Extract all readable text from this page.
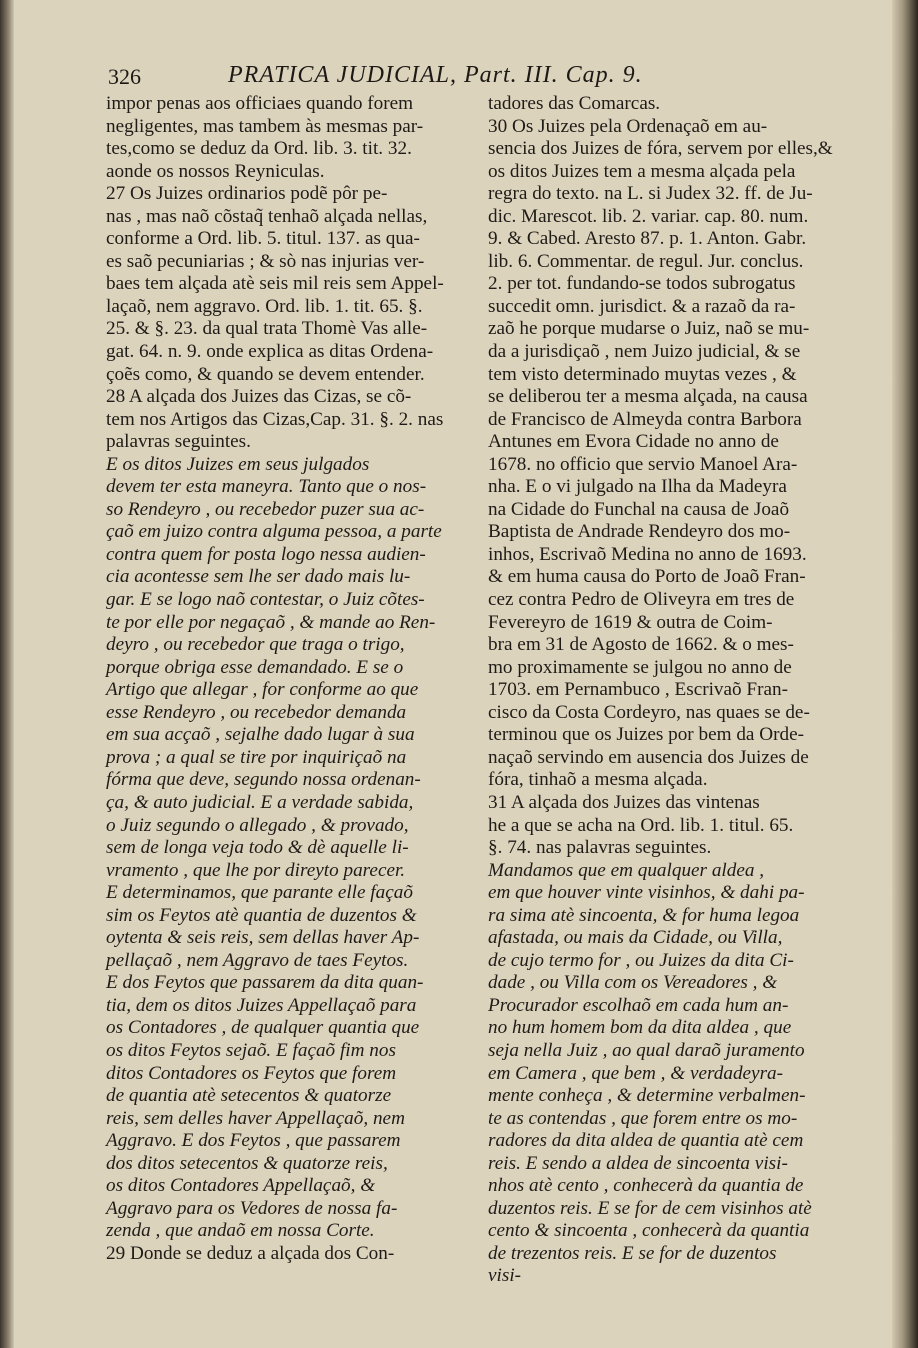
326	PRATICA JUDICIAL, Part. III. Cap. 9.
impor penas aos officiaes quando forem
negligentes, mas tambem às mesmas par-
tes,como se deduz da Ord. lib. 3. tit. 32.
aonde os nossos Reyniculas.
27 Os Juizes ordinarios podẽ pôr pe-
nas , mas naõ cõstaq̃ tenhaõ alçada nellas,
conforme a Ord. lib. 5. titul. 137. as qua-
es saõ pecuniarias ; & sò nas injurias ver-
baes tem alçada atè seis mil reis sem Appel-
laçaõ, nem aggravo. Ord. lib. 1. tit. 65. §.
25. & §. 23. da qual trata Thomè Vas alle-
gat. 64. n. 9. onde explica as ditas Ordena-
çoẽs como, & quando se devem entender.
28 A alçada dos Juizes das Cizas, se cõ-
tem nos Artigos das Cizas,Cap. 31. §. 2. nas
palavras seguintes.
E os ditos Juizes em seus julgados
devem ter esta maneyra. Tanto que o nos-
so Rendeyro , ou recebedor puzer sua ac-
çaõ em juizo contra alguma pessoa, a parte
contra quem for posta logo nessa audien-
cia acontesse sem lhe ser dado mais lu-
gar. E se logo naõ contestar, o Juiz cõtes-
te por elle por negaçaõ , & mande ao Ren-
deyro , ou recebedor que traga o trigo,
porque obriga esse demandado. E se o
Artigo que allegar , for conforme ao que
esse Rendeyro , ou recebedor demanda
em sua acçaõ , sejalhe dado lugar à sua
prova ; a qual se tire por inquiriçaõ na
fórma que deve, segundo nossa ordenan-
ça, & auto judicial. E a verdade sabida,
o Juiz segundo o allegado , & provado,
sem de longa veja todo & dè aquelle li-
vramento , que lhe por direyto parecer.
E determinamos, que parante elle façaõ
sim os Feytos atè quantia de duzentos &
oytenta & seis reis, sem dellas haver Ap-
pellaçaõ , nem Aggravo de taes Feytos.
E dos Feytos que passarem da dita quan-
tia, dem os ditos Juizes Appellaçaõ para
os Contadores , de qualquer quantia que
os ditos Feytos sejaõ. E façaõ fim nos
ditos Contadores os Feytos que forem
de quantia atè setecentos & quatorze
reis, sem delles haver Appellaçaõ, nem
Aggravo. E dos Feytos , que passarem
dos ditos setecentos & quatorze reis,
os ditos Contadores Appellaçaõ, &
Aggravo para os Vedores de nossa fa-
zenda , que andaõ em nossa Corte.
29 Donde se deduz a alçada dos Con-
tadores das Comarcas.
30 Os Juizes pela Ordenaçaõ em au-
sencia dos Juizes de fóra, servem por elles,&
os ditos Juizes tem a mesma alçada pela
regra do texto. na L. si Judex 32. ff. de Ju-
dic. Marescot. lib. 2. variar. cap. 80. num.
9. & Cabed. Aresto 87. p. 1. Anton. Gabr.
lib. 6. Commentar. de regul. Jur. conclus.
2. per tot. fundando-se todos subrogatus
succedit omn. jurisdict. & a razaõ da ra-
zaõ he porque mudarse o Juiz, naõ se mu-
da a jurisdiçaõ , nem Juizo judicial, & se
tem visto determinado muytas vezes , &
se deliberou ter a mesma alçada, na causa
de Francisco de Almeyda contra Barbora
Antunes em Evora Cidade no anno de
1678. no officio que servio Manoel Ara-
nha. E o vi julgado na Ilha da Madeyra
na Cidade do Funchal na causa de Joaõ
Baptista de Andrade Rendeyro dos mo-
inhos, Escrivaõ Medina no anno de 1693.
& em huma causa do Porto de Joaõ Fran-
cez contra Pedro de Oliveyra em tres de
Fevereyro de 1619 & outra de Coim-
bra em 31 de Agosto de 1662. & o mes-
mo proximamente se julgou no anno de
1703. em Pernambuco , Escrivaõ Fran-
cisco da Costa Cordeyro, nas quaes se de-
terminou que os Juizes por bem da Orde-
naçaõ servindo em ausencia dos Juizes de
fóra, tinhaõ a mesma alçada.
31 A alçada dos Juizes das vintenas
he a que se acha na Ord. lib. 1. titul. 65.
§. 74. nas palavras seguintes.
Mandamos que em qualquer aldea ,
em que houver vinte visinhos, & dahi pa-
ra sima atè sincoenta, & for huma legoa
afastada, ou mais da Cidade, ou Villa,
de cujo termo for , ou Juizes da dita Ci-
dade , ou Villa com os Vereadores , &
Procurador escolhaõ em cada hum an-
no hum homem bom da dita aldea , que
seja nella Juiz , ao qual daraõ juramento
em Camera , que bem , & verdadeyra-
mente conheça , & determine verbalmen-
te as contendas , que forem entre os mo-
radores da dita aldea de quantia atè cem
reis. E sendo a aldea de sincoenta visi-
nhos atè cento , conhecerà da quantia de
duzentos reis. E se for de cem visinhos atè
cento & sincoenta , conhecerà da quantia
de trezentos reis. E se for de duzentos
visi-
